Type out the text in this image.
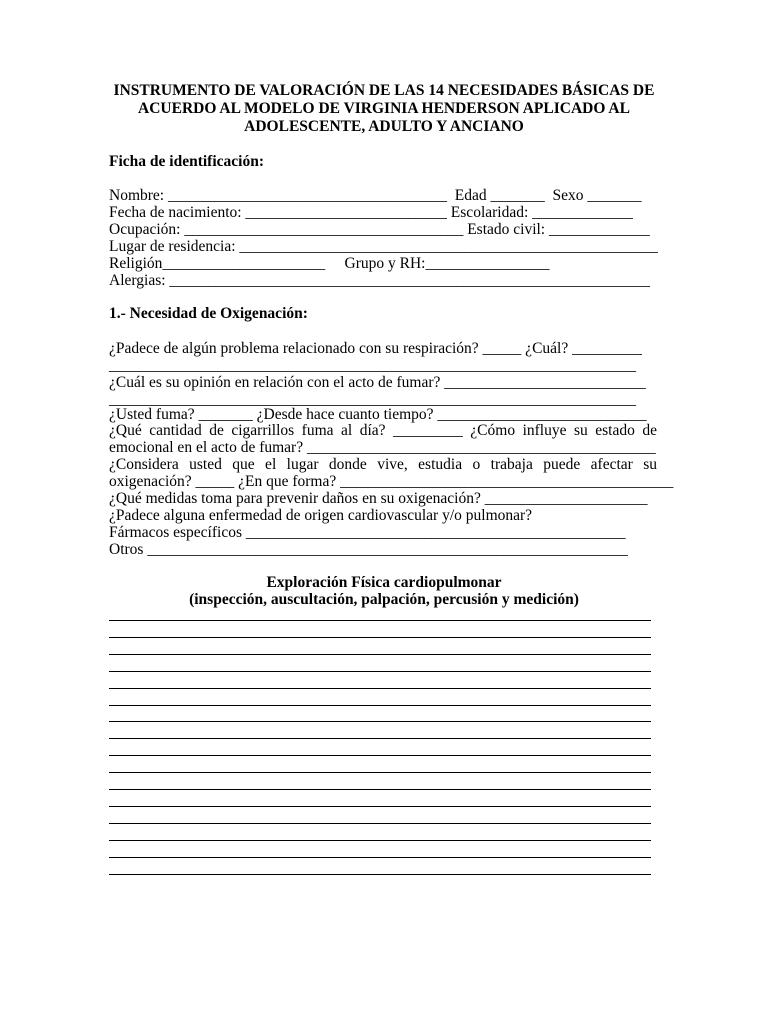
INSTRUMENTO DE VALORACIÓN DE LAS 14 NECESIDADES BÁSICAS DE
ACUERDO AL MODELO DE VIRGINIA HENDERSON APLICADO AL
ADOLESCENTE, ADULTO Y ANCIANO
Ficha de identificación:
Nombre: ____________________________________  Edad _______  Sexo _______
Fecha de nacimiento: __________________________ Escolaridad: _____________
Ocupación: ____________________________________ Estado civil: _____________
Lugar de residencia: ______________________________________________________
Religión_____________________     Grupo y RH:________________
Alergias: ______________________________________________________________
1.- Necesidad de Oxigenación:
¿Padece de algún problema relacionado con su respiración? _____ ¿Cuál? _________
____________________________________________________________________
¿Cuál es su opinión en relación con el acto de fumar? __________________________
____________________________________________________________________
¿Usted fuma? _______ ¿Desde hace cuanto tiempo? ___________________________
¿Qué cantidad de cigarrillos fuma al día? _________ ¿Cómo influye su estado de
emocional en el acto de fumar? _____________________________________________
¿Considera usted que el lugar donde vive, estudia o trabaja puede afectar su
oxigenación? _____ ¿En que forma? ___________________________________________
¿Qué medidas toma para prevenir daños en su oxigenación? _____________________
¿Padece alguna enfermedad de origen cardiovascular y/o pulmonar?
Fármacos específicos _________________________________________________
Otros ______________________________________________________________
Exploración Física cardiopulmonar
(inspección, auscultación, palpación, percusión y medición)
